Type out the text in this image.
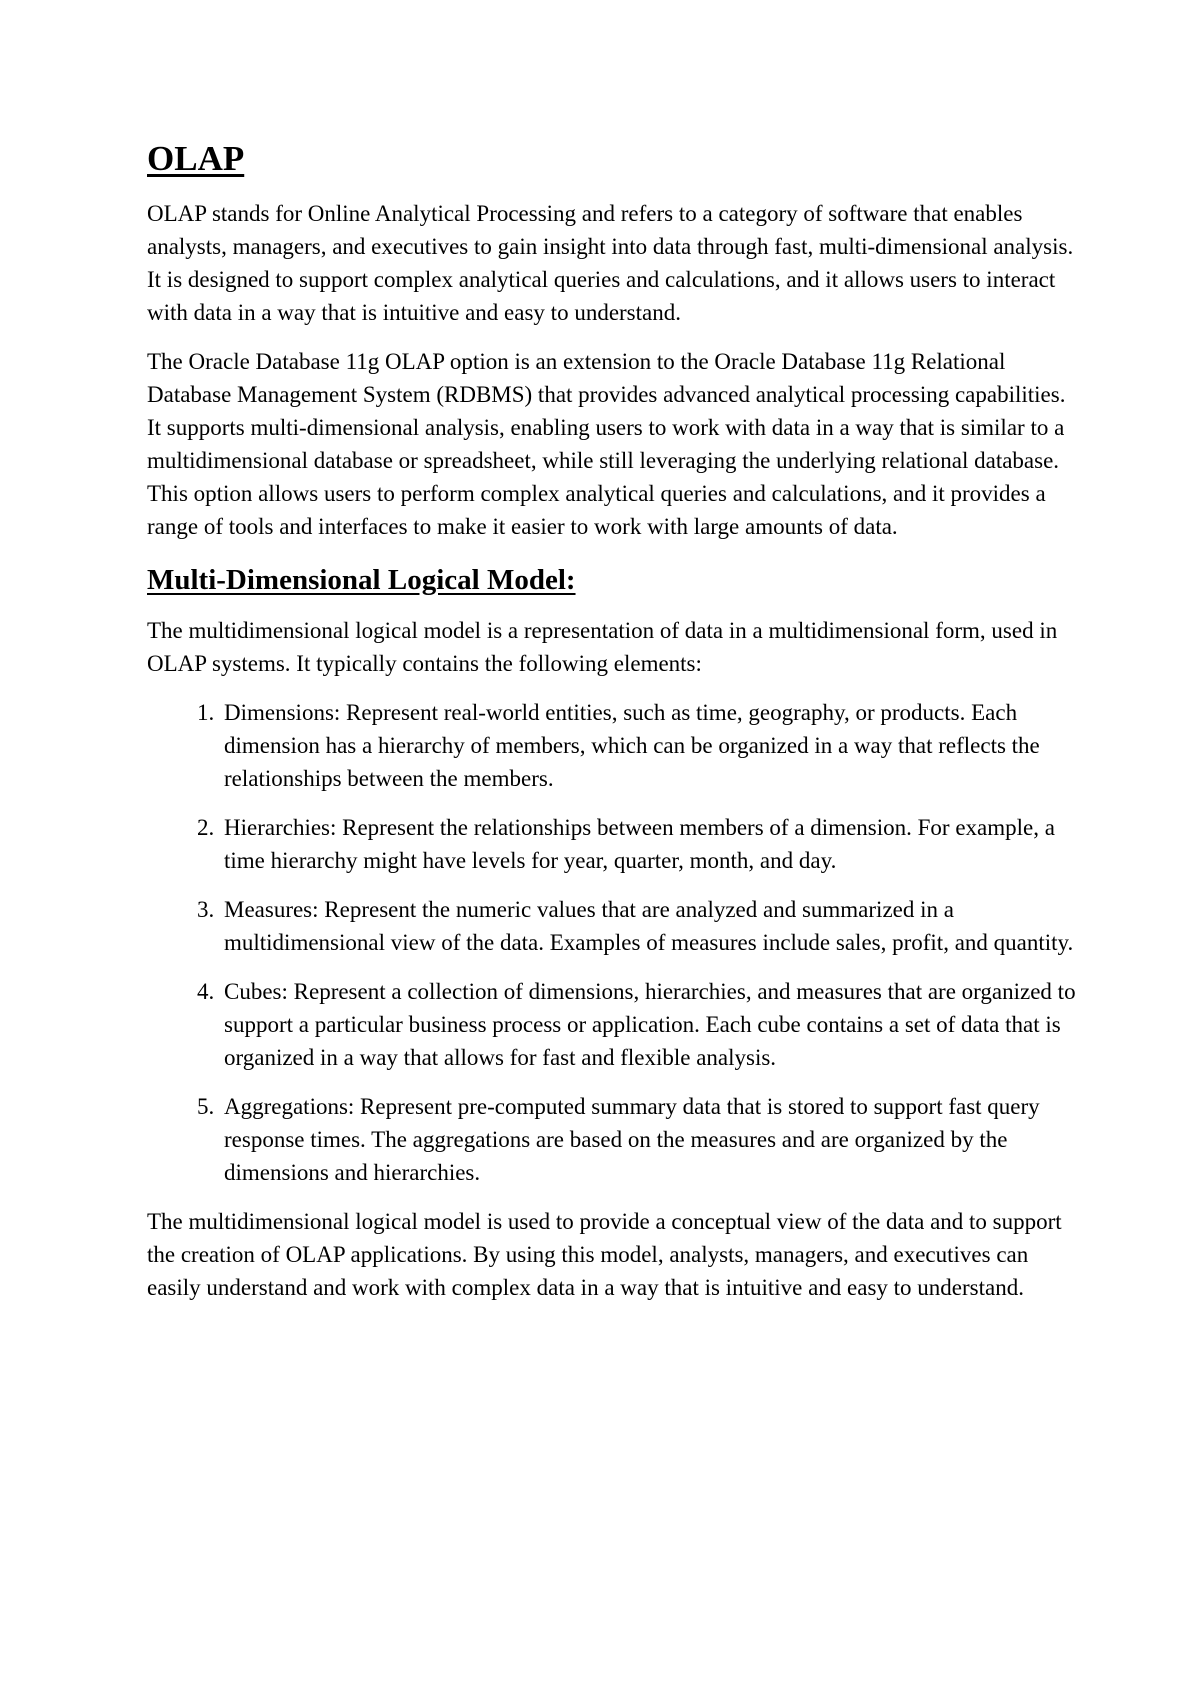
OLAP

OLAP stands for Online Analytical Processing and refers to a category of software that enables analysts, managers, and executives to gain insight into data through fast, multi-dimensional analysis. It is designed to support complex analytical queries and calculations, and it allows users to interact with data in a way that is intuitive and easy to understand.

The Oracle Database 11g OLAP option is an extension to the Oracle Database 11g Relational Database Management System (RDBMS) that provides advanced analytical processing capabilities. It supports multi-dimensional analysis, enabling users to work with data in a way that is similar to a multidimensional database or spreadsheet, while still leveraging the underlying relational database. This option allows users to perform complex analytical queries and calculations, and it provides a range of tools and interfaces to make it easier to work with large amounts of data.

Multi-Dimensional Logical Model:

The multidimensional logical model is a representation of data in a multidimensional form, used in OLAP systems. It typically contains the following elements:

1. Dimensions: Represent real-world entities, such as time, geography, or products. Each dimension has a hierarchy of members, which can be organized in a way that reflects the relationships between the members.
2. Hierarchies: Represent the relationships between members of a dimension. For example, a time hierarchy might have levels for year, quarter, month, and day.
3. Measures: Represent the numeric values that are analyzed and summarized in a multidimensional view of the data. Examples of measures include sales, profit, and quantity.
4. Cubes: Represent a collection of dimensions, hierarchies, and measures that are organized to support a particular business process or application. Each cube contains a set of data that is organized in a way that allows for fast and flexible analysis.
5. Aggregations: Represent pre-computed summary data that is stored to support fast query response times. The aggregations are based on the measures and are organized by the dimensions and hierarchies.

The multidimensional logical model is used to provide a conceptual view of the data and to support the creation of OLAP applications. By using this model, analysts, managers, and executives can easily understand and work with complex data in a way that is intuitive and easy to understand.
